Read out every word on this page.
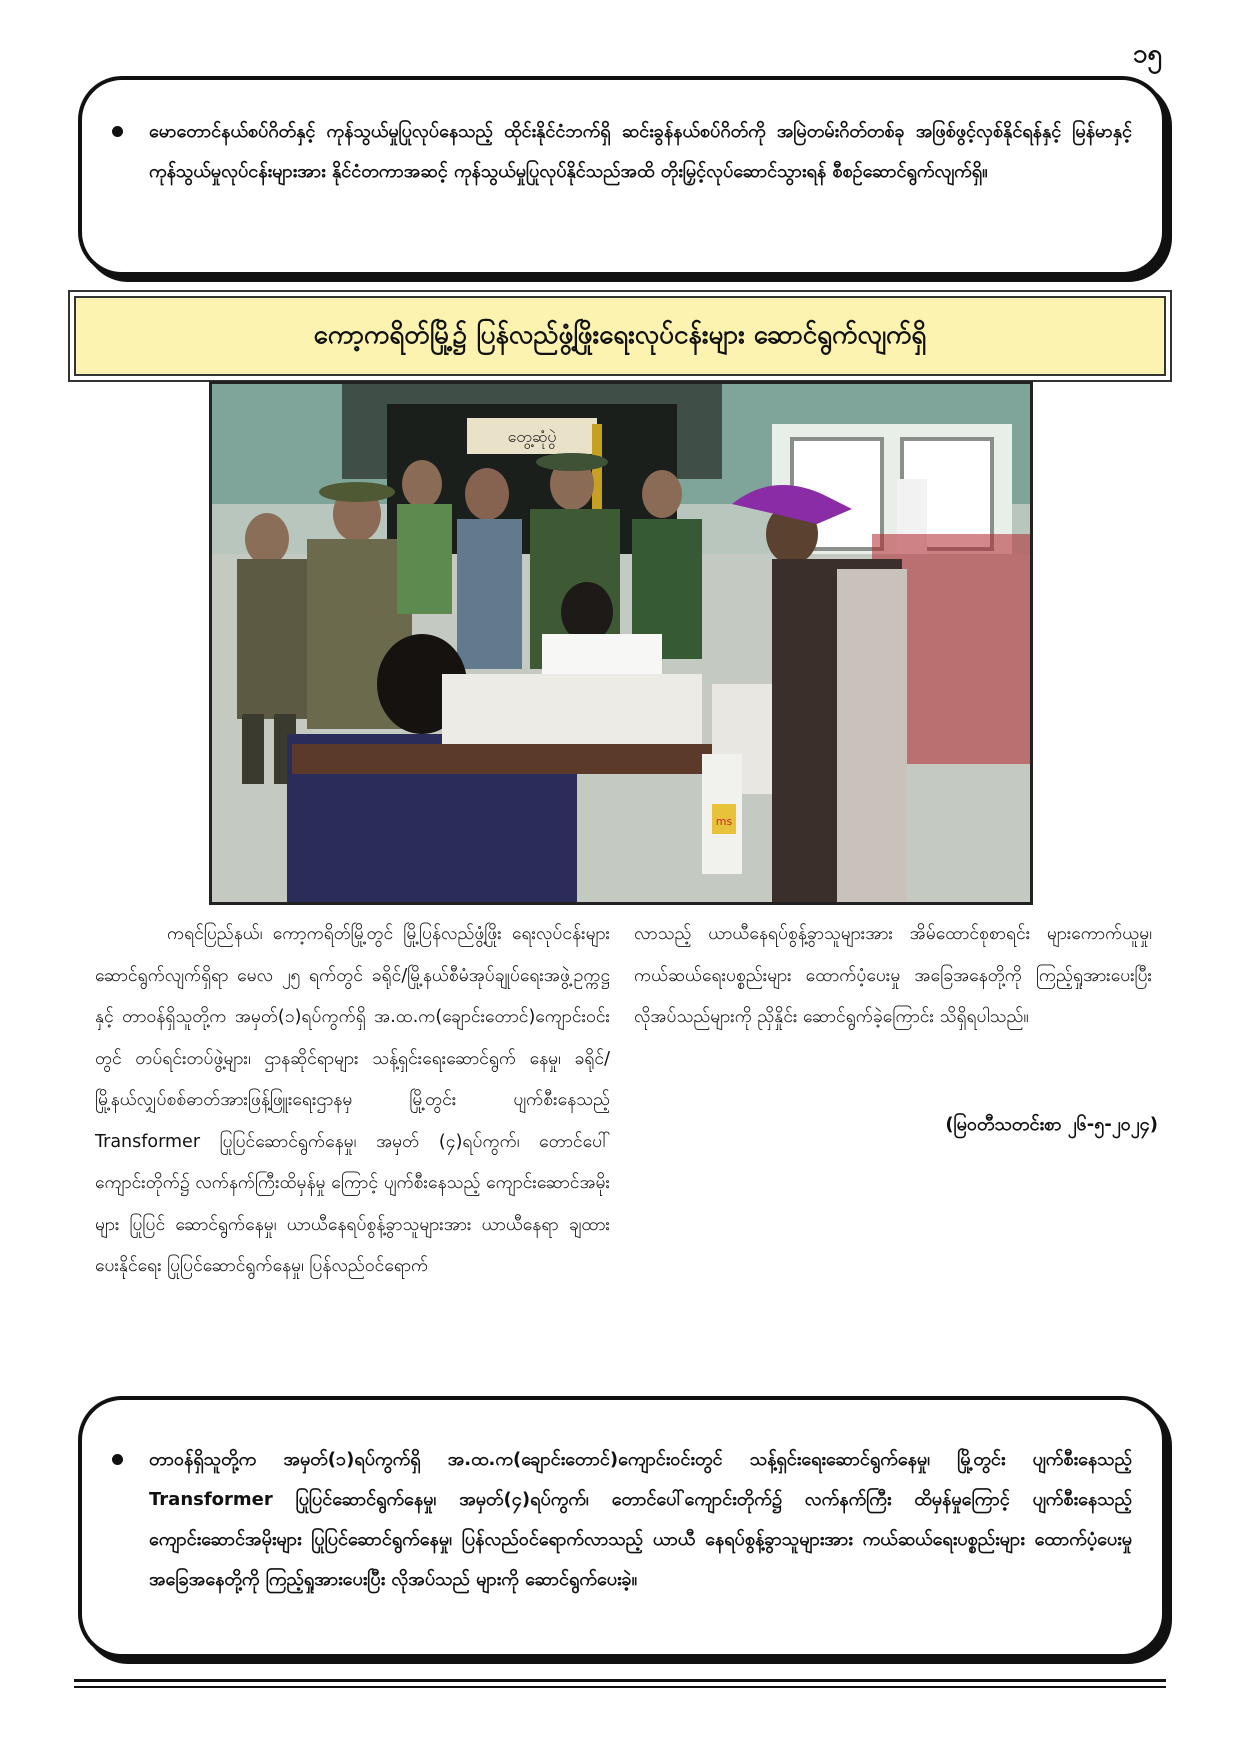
၁၅
မောတောင်နယ်စပ်ဂိတ်နှင့် ကုန်သွယ်မှုပြုလုပ်နေသည့် ထိုင်းနိုင်ငံဘက်ရှိ ဆင်းခွန်နယ်စပ်ဂိတ်ကို အမြဲတမ်းဂိတ်တစ်ခု အဖြစ်ဖွင့်လှစ်နိုင်ရန်နှင့် မြန်မာနှင့်ကုန်သွယ်မှုလုပ်ငန်းများအား နိုင်ငံတကာအဆင့် ကုန်သွယ်မှုပြုလုပ်နိုင်သည်အထိ တိုးမြှင့်လုပ်ဆောင်သွားရန် စီစဉ်ဆောင်ရွက်လျက်ရှိ။
ကော့ကရိတ်မြို့၌ ပြန်လည်ဖွံ့ဖြိုးရေးလုပ်ငန်းများ ဆောင်ရွက်လျက်ရှိ
တွေ့ဆုံပွဲ
ms
ကရင်ပြည်နယ်၊ ကော့ကရိတ်မြို့တွင် မြို့ပြန်လည်ဖွံ့ဖြိုး ရေးလုပ်ငန်းများဆောင်ရွက်လျက်ရှိရာ မေလ ၂၅ ရက်တွင် ခရိုင်/မြို့နယ်စီမံအုပ်ချုပ်ရေးအဖွဲ့ဥက္ကဋ္ဌနှင့် တာဝန်ရှိသူတို့က အမှတ်(၁)ရပ်ကွက်ရှိ အ.ထ.က(ချောင်းတောင်)ကျောင်းဝင်းတွင် တပ်ရင်းတပ်ဖွဲ့များ၊ ဌာနဆိုင်ရာများ သန့်ရှင်းရေးဆောင်ရွက် နေမှု၊ ခရိုင်/မြို့နယ်လျှပ်စစ်ဓာတ်အားဖြန့်ဖြူးရေးဌာနမှ မြို့တွင်း ပျက်စီးနေသည့် Transformer ပြုပြင်ဆောင်ရွက်နေမှု၊ အမှတ် (၄)ရပ်ကွက်၊ တောင်ပေါ်ကျောင်းတိုက်၌ လက်နက်ကြီးထိမှန်မှု ကြောင့် ပျက်စီးနေသည့် ကျောင်းဆောင်အမိုးများ ပြုပြင် ဆောင်ရွက်နေမှု၊ ယာယီနေရပ်စွန့်ခွာသူများအား ယာယီနေရာ ချထားပေးနိုင်ရေး ပြုပြင်ဆောင်ရွက်နေမှု၊ ပြန်လည်ဝင်ရောက်
လာသည့် ယာယီနေရပ်စွန့်ခွာသူများအား အိမ်ထောင်စုစာရင်း များကောက်ယူမှု၊ ကယ်ဆယ်ရေးပစ္စည်းများ ထောက်ပံ့ပေးမှု အခြေအနေတို့ကို ကြည့်ရှုအားပေးပြီး လိုအပ်သည်များကို ညှိနှိုင်း ဆောင်ရွက်ခဲ့ကြောင်း သိရှိရပါသည်။
(မြဝတီသတင်းစာ ၂၆-၅-၂၀၂၄)
တာဝန်ရှိသူတို့က အမှတ်(၁)ရပ်ကွက်ရှိ အ.ထ.က(ချောင်းတောင်)ကျောင်းဝင်းတွင် သန့်ရှင်းရေးဆောင်ရွက်နေမှု၊ မြို့တွင်း ပျက်စီးနေသည့် Transformer ပြုပြင်ဆောင်ရွက်နေမှု၊ အမှတ်(၄)ရပ်ကွက်၊ တောင်ပေါ်ကျောင်းတိုက်၌ လက်နက်ကြီး ထိမှန်မှုကြောင့် ပျက်စီးနေသည့် ကျောင်းဆောင်အမိုးများ ပြုပြင်ဆောင်ရွက်နေမှု၊ ပြန်လည်ဝင်ရောက်လာသည့် ယာယီ နေရပ်စွန့်ခွာသူများအား ကယ်ဆယ်ရေးပစ္စည်းများ ထောက်ပံ့ပေးမှုအခြေအနေတို့ကို ကြည့်ရှုအားပေးပြီး လိုအပ်သည် များကို ဆောင်ရွက်ပေးခဲ့။
